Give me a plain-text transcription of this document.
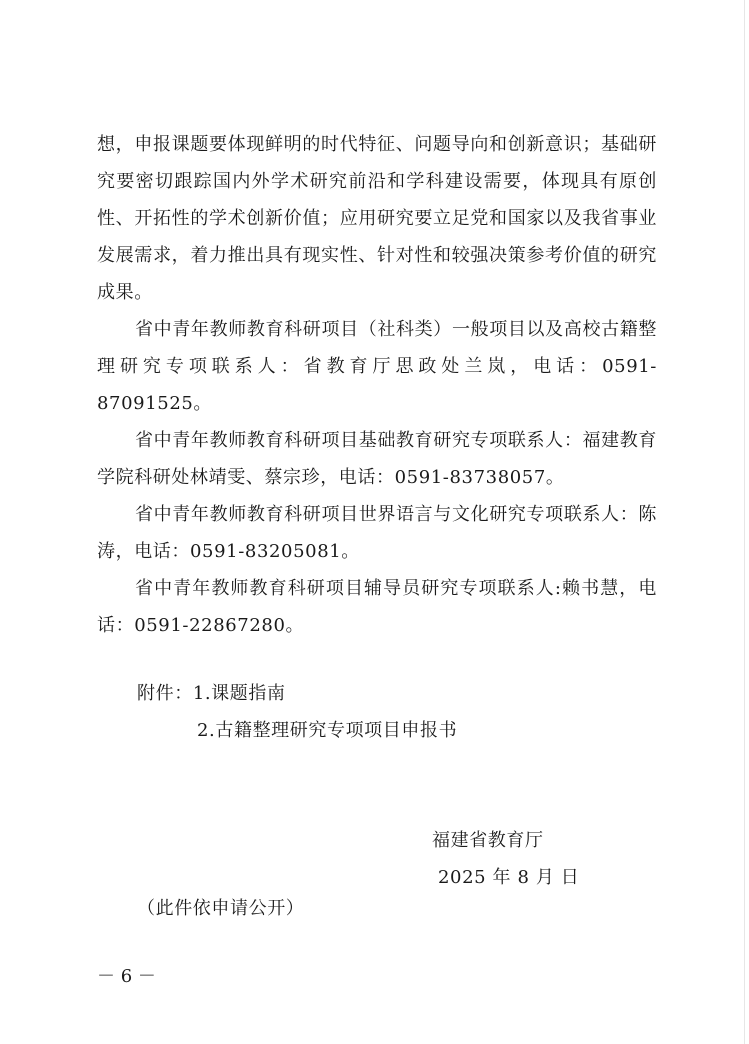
想，申报课题要体现鲜明的时代特征、问题导向和创新意识；基础研究要密切跟踪国内外学术研究前沿和学科建设需要，体现具有原创性、开拓性的学术创新价值；应用研究要立足党和国家以及我省事业发展需求，着力推出具有现实性、针对性和较强决策参考价值的研究成果。

省中青年教师教育科研项目（社科类）一般项目以及高校古籍整理研究专项联系人：省教育厅思政处兰岚，电话：0591-87091525。

省中青年教师教育科研项目基础教育研究专项联系人：福建教育学院科研处林靖雯、蔡宗珍，电话：0591-83738057。

省中青年教师教育科研项目世界语言与文化研究专项联系人：陈涛，电话：0591-83205081。

省中青年教师教育科研项目辅导员研究专项联系人:赖书慧，电话：0591-22867280。

附件：1.课题指南
2.古籍整理研究专项项目申报书
福建省教育厅
2025 年 8 月 日
（此件依申请公开）
－ 6 －
